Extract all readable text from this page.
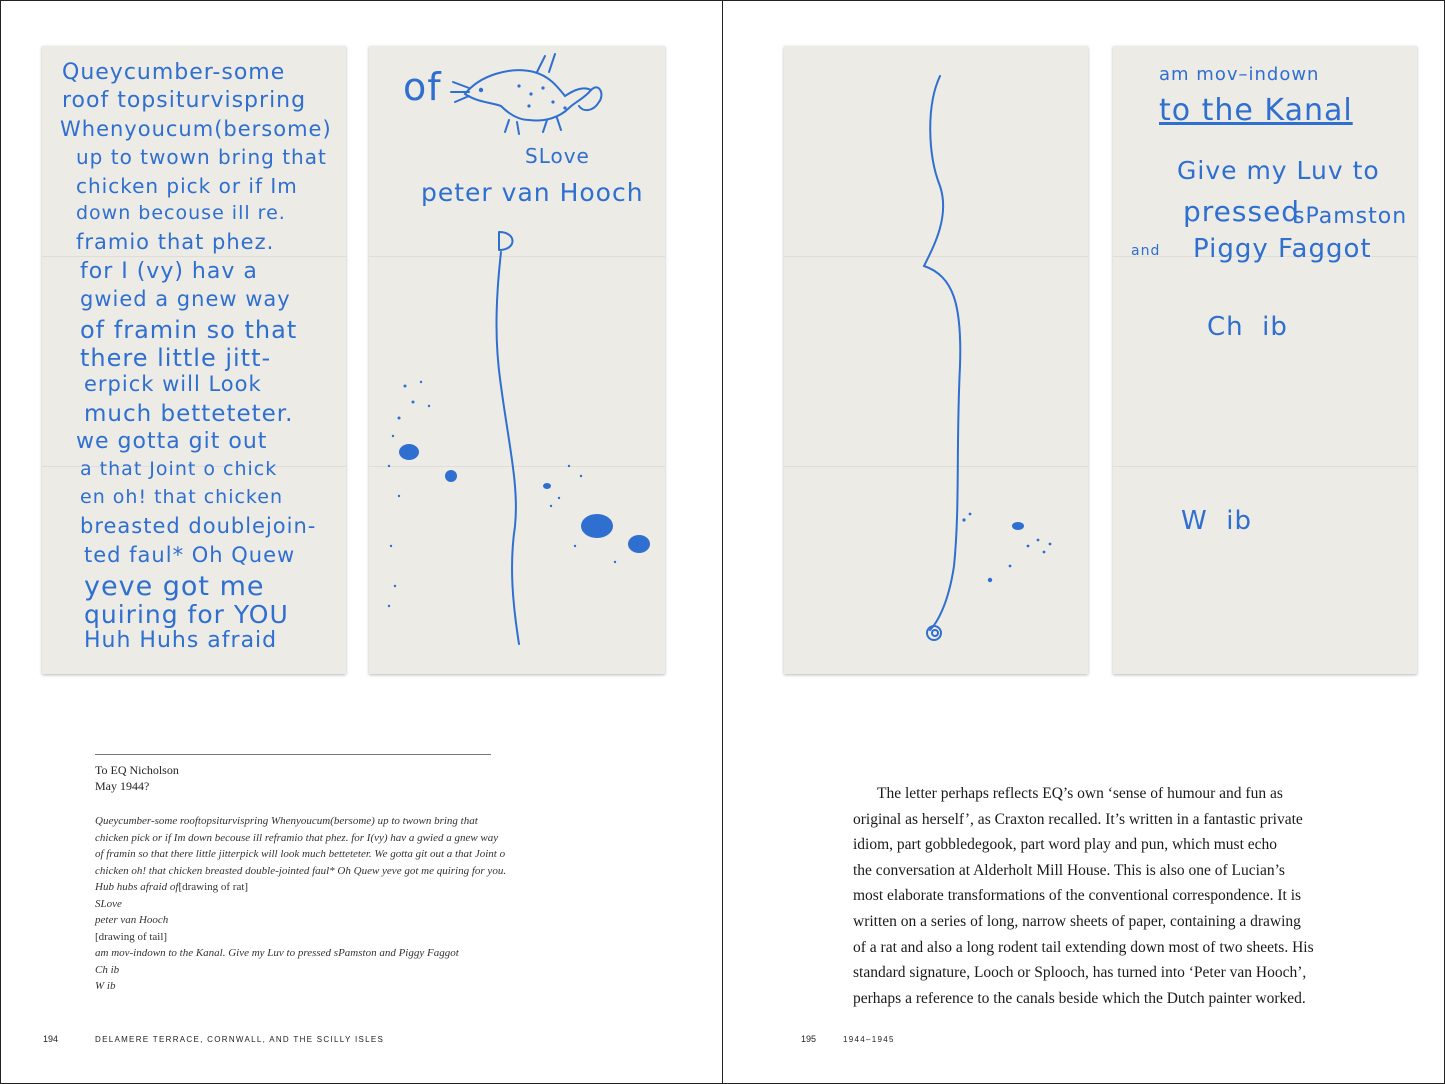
Queycumber-some
roof topsiturvispring
Whenyoucum(bersome)
up to twown bring that
chicken pick or if Im
down becouse ill re.
framio that phez.
for I (vy) hav a
gwied a gnew way
of framin so that
there little jitt-
erpick will Look
much betteteter.
we gotta git out
a that Joint o chick
en oh! that chicken
breasted doublejoin-
ted faul* Oh Quew
yeve got me
quiring for YOU
Huh Huhs afraid
of
SLove
peter van Hooch
To EQ Nicholson
May 1944?
Queycumber-some rooftopsiturvispring Whenyoucum(bersome) up to twown bring that
chicken pick or if Im down becouse ill reframio that phez. for I(vy) hav a gwied a gnew way
of framin so that there little jitterpick will look much betteteter. We gotta git out a that Joint o
chicken oh! that chicken breasted double-jointed faul* Oh Quew yeve got me quiring for you.
Hub hubs afraid of[drawing of rat]
SLove
peter van Hooch
[drawing of tail]
am mov-indown to the Kanal. Give my Luv to pressed sPamston and Piggy Faggot
Ch ib
W ib
194	DELAMERE TERRACE, CORNWALL, AND THE SCILLY ISLES
am mov–indown
to the Kanal
Give my Luv to
pressed
sPamston
and Piggy Faggot
Ch  ib
W  ib
The letter perhaps reflects EQ’s own ‘sense of humour and fun as
original as herself’, as Craxton recalled. It’s written in a fantastic private
idiom, part gobbledegook, part word play and pun, which must echo
the conversation at Alderholt Mill House. This is also one of Lucian’s
most elaborate transformations of the conventional correspondence. It is
written on a series of long, narrow sheets of paper, containing a drawing
of a rat and also a long rodent tail extending down most of two sheets. His
standard signature, Looch or Splooch, has turned into ‘Peter van Hooch’,
perhaps a reference to the canals beside which the Dutch painter worked.
195	1944–1945
